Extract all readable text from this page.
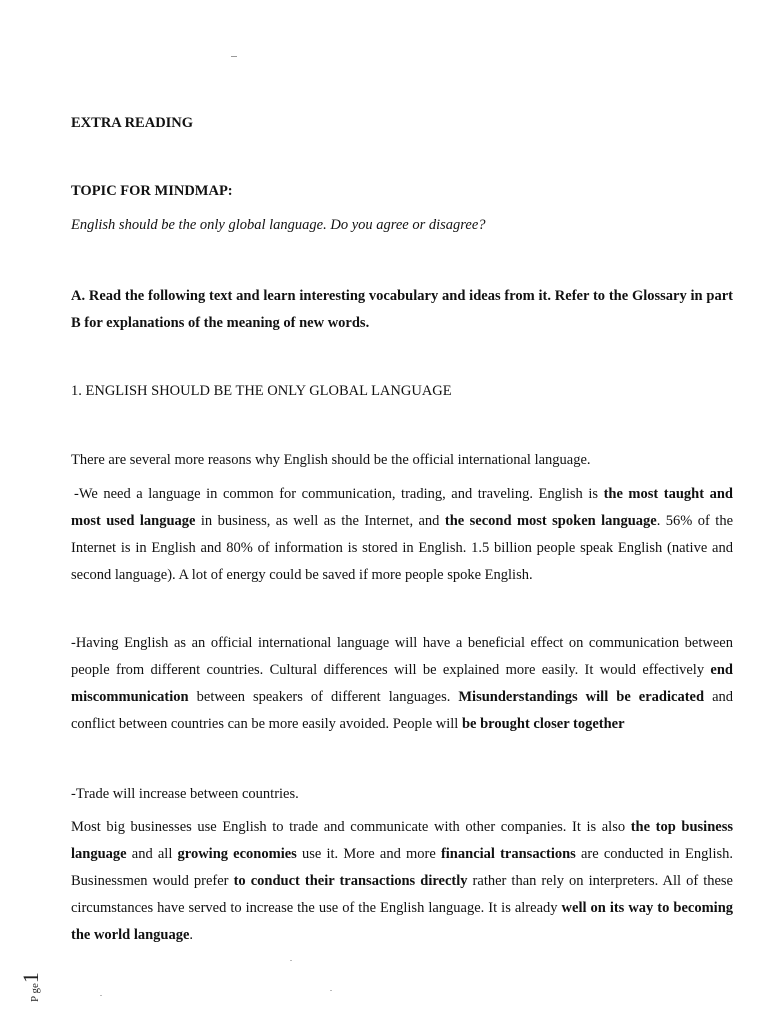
EXTRA READING
TOPIC FOR MINDMAP:
English should be the only global language. Do you agree or disagree?
A. Read the following text and learn interesting vocabulary and ideas from it. Refer to the Glossary in part B for explanations of the meaning of new words.
1. ENGLISH SHOULD BE THE ONLY GLOBAL LANGUAGE
There are several more reasons why English should be the official international language.
-We need a language in common for communication, trading, and traveling. English is the most taught and most used language in business, as well as the Internet, and the second most spoken language. 56% of the Internet is in English and 80% of information is stored in English. 1.5 billion people speak English (native and second language). A lot of energy could be saved if more people spoke English.
-Having English as an official international language will have a beneficial effect on communication between people from different countries. Cultural differences will be explained more easily. It would effectively end miscommunication between speakers of different languages. Misunderstandings will be eradicated and conflict between countries can be more easily avoided. People will be brought closer together
-Trade will increase between countries.
Most big businesses use English to trade and communicate with other companies. It is also the top business language and all growing economies use it. More and more financial transactions are conducted in English. Businessmen would prefer to conduct their transactions directly rather than rely on interpreters. All of these circumstances have served to increase the use of the English language. It is already well on its way to becoming the world language.
P ge1
